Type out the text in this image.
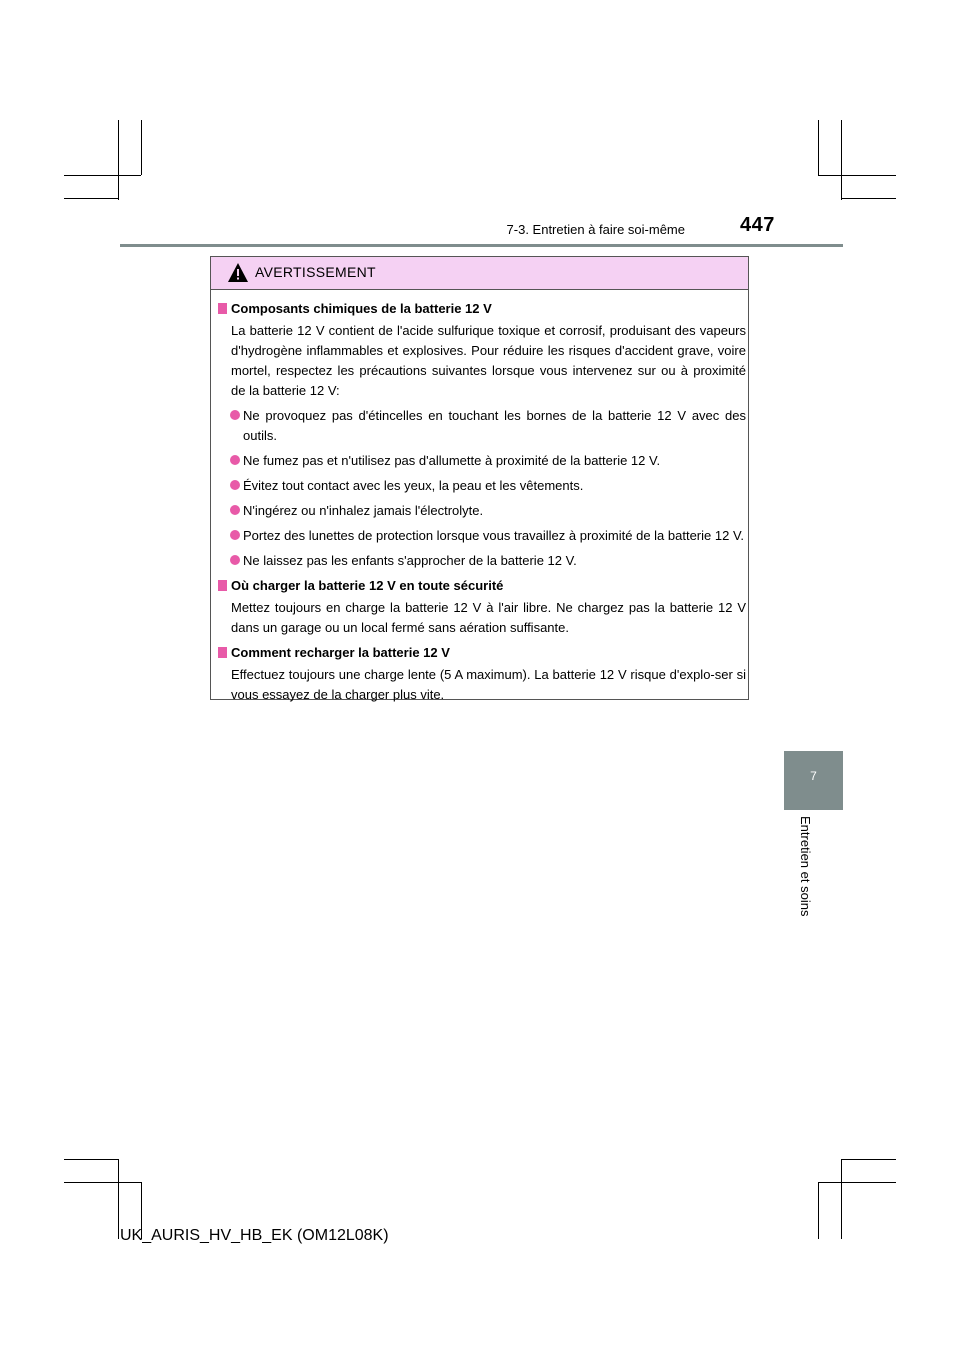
7-3. Entretien à faire soi-même	447
7
Entretien et soins
AVERTISSEMENT

Composants chimiques de la batterie 12 V

La batterie 12 V contient de l'acide sulfurique toxique et corrosif, produisant des vapeurs d'hydrogène inflammables et explosives. Pour réduire les risques d'accident grave, voire mortel, respectez les précautions suivantes lorsque vous intervenez sur ou à proximité de la batterie 12 V:

Ne provoquez pas d'étincelles en touchant les bornes de la batterie 12 V avec des outils.

Ne fumez pas et n'utilisez pas d'allumette à proximité de la batterie 12 V.

Évitez tout contact avec les yeux, la peau et les vêtements.

N'ingérez ou n'inhalez jamais l'électrolyte.

Portez des lunettes de protection lorsque vous travaillez à proximité de la batterie 12 V.

Ne laissez pas les enfants s'approcher de la batterie 12 V.

Où charger la batterie 12 V en toute sécurité

Mettez toujours en charge la batterie 12 V à l'air libre. Ne chargez pas la batterie 12 V dans un garage ou un local fermé sans aération suffisante.

Comment recharger la batterie 12 V

Effectuez toujours une charge lente (5 A maximum). La batterie 12 V risque d'explo-ser si vous essayez de la charger plus vite.

UK_AURIS_HV_HB_EK (OM12L08K)
